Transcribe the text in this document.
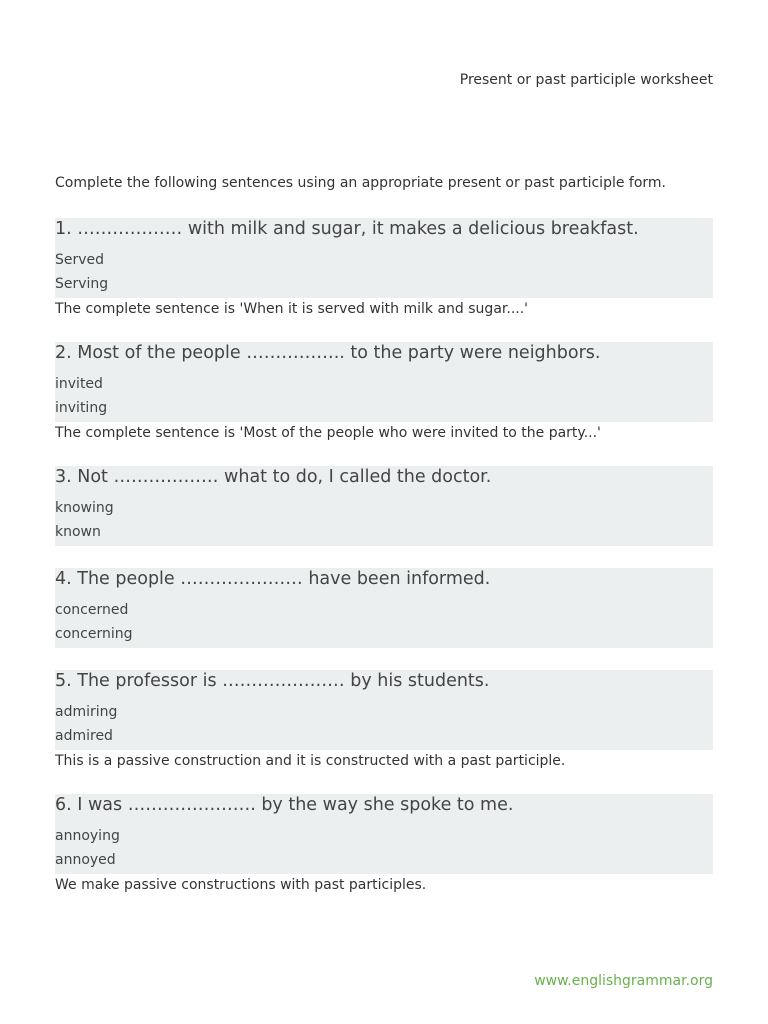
Present or past participle worksheet
Complete the following sentences using an appropriate present or past participle form.
1. ……………… with milk and sugar, it makes a delicious breakfast.
Served
Serving
The complete sentence is 'When it is served with milk and sugar....'
2. Most of the people …………….. to the party were neighbors.
invited
inviting
The complete sentence is 'Most of the people who were invited to the party...'
3. Not ……………… what to do, I called the doctor.
knowing
known
4. The people ………………… have been informed.
concerned
concerning
5. The professor is ………………… by his students.
admiring
admired
This is a passive construction and it is constructed with a past participle.
6. I was …………………. by the way she spoke to me.
annoying
annoyed
We make passive constructions with past participles.
www.englishgrammar.org
